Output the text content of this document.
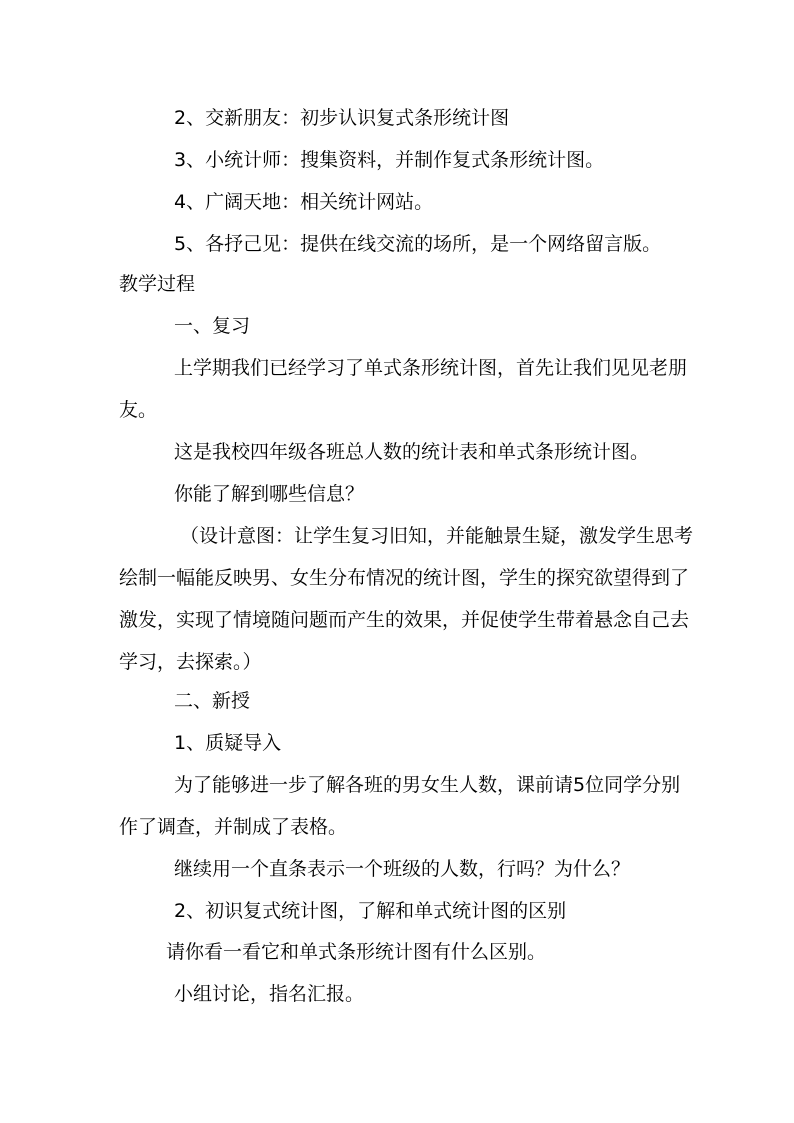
2、交新朋友：初步认识复式条形统计图
3、小统计师：搜集资料，并制作复式条形统计图。
4、广阔天地：相关统计网站。
5、各抒己见：提供在线交流的场所，是一个网络留言版。
教学过程
一、复习
上学期我们已经学习了单式条形统计图，首先让我们见见老朋
友。
这是我校四年级各班总人数的统计表和单式条形统计图。
你能了解到哪些信息？
（设计意图：让学生复习旧知，并能触景生疑，激发学生思考
绘制一幅能反映男、女生分布情况的统计图，学生的探究欲望得到了
激发，实现了情境随问题而产生的效果，并促使学生带着悬念自己去
学习，去探索。）
二、新授
1、质疑导入
为了能够进一步了解各班的男女生人数，课前请5位同学分别
作了调查，并制成了表格。
继续用一个直条表示一个班级的人数，行吗？为什么？
2、初识复式统计图，了解和单式统计图的区别
请你看一看它和单式条形统计图有什么区别。
小组讨论，指名汇报。
